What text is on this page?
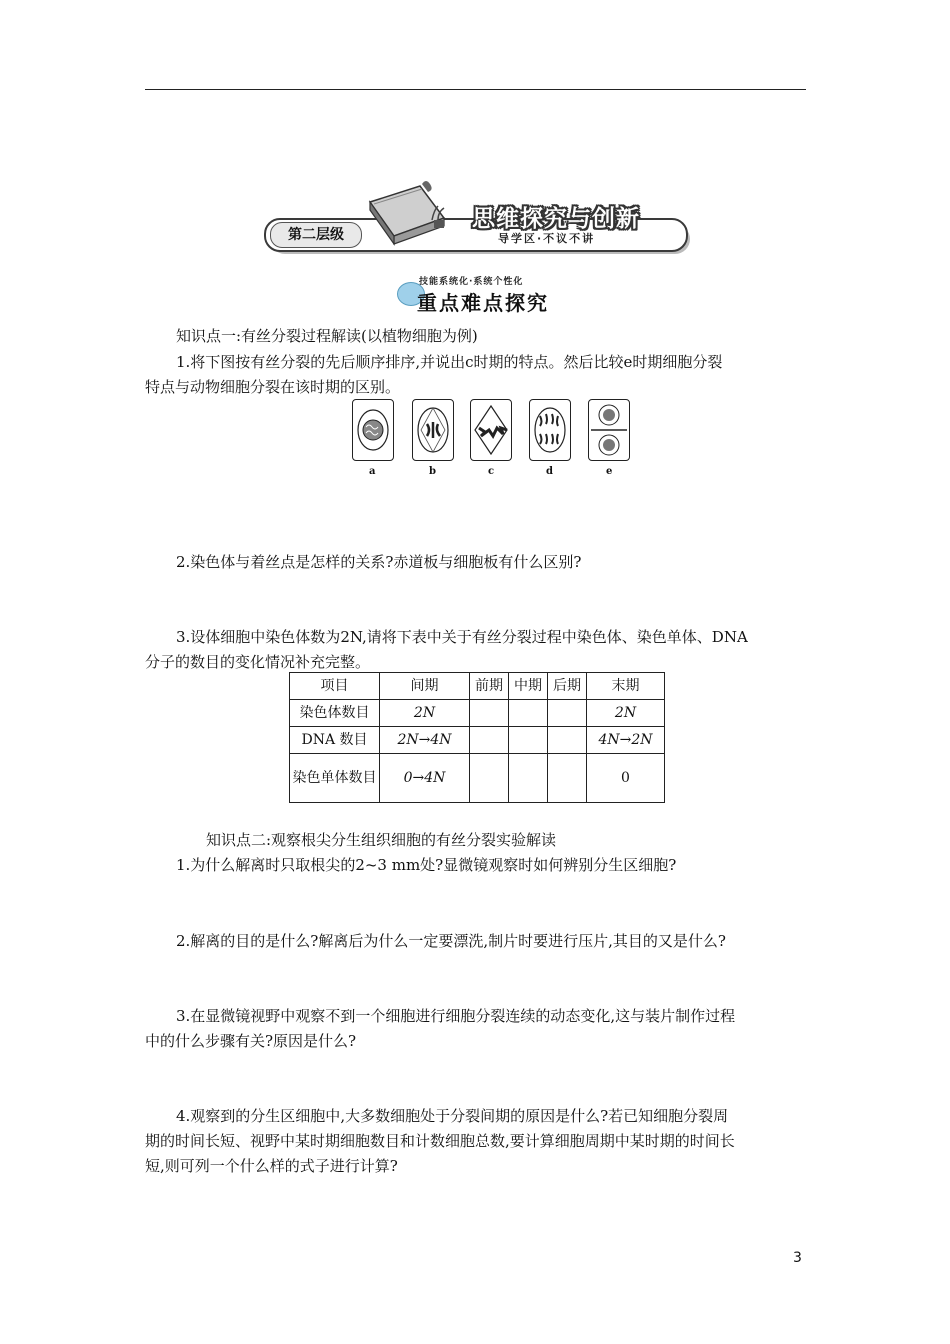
第二层级
思维探究与创新
导学区·不议不讲
技能系统化·系统个性化
重点难点探究
知识点一:有丝分裂过程解读(以植物细胞为例)
1.将下图按有丝分裂的先后顺序排序,并说出c时期的特点。然后比较e时期细胞分裂
特点与动物细胞分裂在该时期的区别。
a	b	c	d	e
2.染色体与着丝点是怎样的关系?赤道板与细胞板有什么区别?
3.设体细胞中染色体数为2N,请将下表中关于有丝分裂过程中染色体、染色单体、DNA
分子的数目的变化情况补充完整。
项目	间期	前期	中期	后期	末期
染色体数目	2N				2N
DNA 数目	2N→4N				4N→2N
染色单体数目	0→4N				0
知识点二:观察根尖分生组织细胞的有丝分裂实验解读
1.为什么解离时只取根尖的2~3 mm处?显微镜观察时如何辨别分生区细胞?
2.解离的目的是什么?解离后为什么一定要漂洗,制片时要进行压片,其目的又是什么?
3.在显微镜视野中观察不到一个细胞进行细胞分裂连续的动态变化,这与装片制作过程
中的什么步骤有关?原因是什么?
4.观察到的分生区细胞中,大多数细胞处于分裂间期的原因是什么?若已知细胞分裂周
期的时间长短、视野中某时期细胞数目和计数细胞总数,要计算细胞周期中某时期的时间长
短,则可列一个什么样的式子进行计算?
3
